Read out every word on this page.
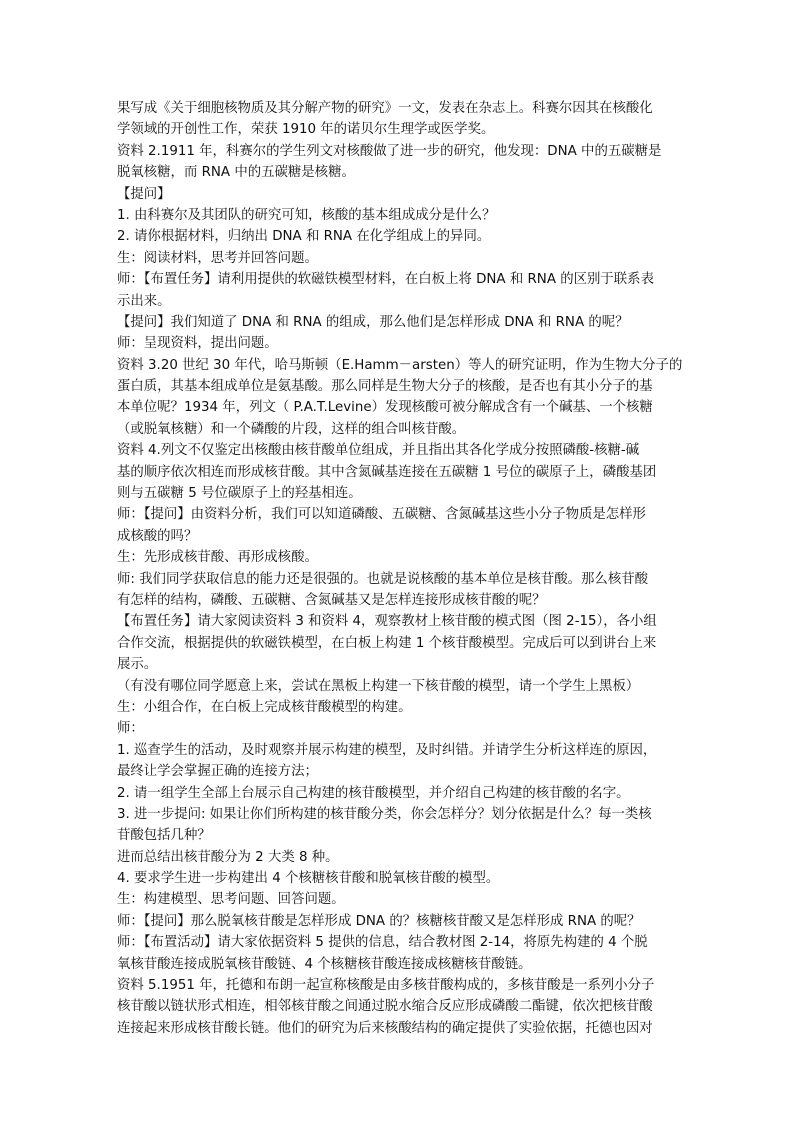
果写成《关于细胞核物质及其分解产物的研究》一文，发表在杂志上。科赛尔因其在核酸化
学领域的开创性工作，荣获 1910 年的诺贝尔生理学或医学奖。
资料 2.1911 年，科赛尔的学生列文对核酸做了进一步的研究，他发现：DNA 中的五碳糖是
脱氧核糖，而 RNA 中的五碳糖是核糖。
【提问】
1. 由科赛尔及其团队的研究可知，核酸的基本组成成分是什么？
2. 请你根据材料，归纳出 DNA 和 RNA 在化学组成上的异同。
生：阅读材料，思考并回答问题。
师：【布置任务】请利用提供的软磁铁模型材料，在白板上将 DNA 和 RNA 的区别于联系表
示出来。
【提问】我们知道了 DNA 和 RNA 的组成，那么他们是怎样形成 DNA 和 RNA 的呢？
师：呈现资料，提出问题。
资料 3.20 世纪 30 年代，哈马斯顿（E.Hamm－arsten）等人的研究证明，作为生物大分子的
蛋白质，其基本组成单位是氨基酸。那么同样是生物大分子的核酸，是否也有其小分子的基
本单位呢？1934 年，列文（ P.A.T.Levine）发现核酸可被分解成含有一个碱基、一个核糖
（或脱氧核糖）和一个磷酸的片段，这样的组合叫核苷酸。
资料 4.列文不仅鉴定出核酸由核苷酸单位组成，并且指出其各化学成分按照磷酸-核糖-碱
基的顺序依次相连而形成核苷酸。其中含氮碱基连接在五碳糖 1 号位的碳原子上，磷酸基团
则与五碳糖 5 号位碳原子上的羟基相连。
师：【提问】由资料分析，我们可以知道磷酸、五碳糖、含氮碱基这些小分子物质是怎样形
成核酸的吗？
生：先形成核苷酸、再形成核酸。
师: 我们同学获取信息的能力还是很强的。也就是说核酸的基本单位是核苷酸。那么核苷酸
有怎样的结构，磷酸、五碳糖、含氮碱基又是怎样连接形成核苷酸的呢？
【布置任务】请大家阅读资料 3 和资料 4，观察教材上核苷酸的模式图（图 2-15），各小组
合作交流，根据提供的软磁铁模型，在白板上构建 1 个核苷酸模型。完成后可以到讲台上来
展示。
（有没有哪位同学愿意上来，尝试在黑板上构建一下核苷酸的模型，请一个学生上黑板）
生：小组合作，在白板上完成核苷酸模型的构建。
师：
1. 巡查学生的活动，及时观察并展示构建的模型，及时纠错。并请学生分析这样连的原因，
最终让学会掌握正确的连接方法；
2. 请一组学生全部上台展示自己构建的核苷酸模型，并介绍自己构建的核苷酸的名字。
3. 进一步提问: 如果让你们所构建的核苷酸分类，你会怎样分？划分依据是什么？每一类核
苷酸包括几种？
进而总结出核苷酸分为 2 大类 8 种。
4. 要求学生进一步构建出 4 个核糖核苷酸和脱氧核苷酸的模型。
生：构建模型、思考问题、回答问题。
师：【提问】那么脱氧核苷酸是怎样形成 DNA 的？核糖核苷酸又是怎样形成 RNA 的呢？
师：【布置活动】请大家依据资料 5 提供的信息，结合教材图 2-14，将原先构建的 4 个脱
氧核苷酸连接成脱氧核苷酸链、4 个核糖核苷酸连接成核糖核苷酸链。
资料 5.1951 年，托德和布朗一起宣称核酸是由多核苷酸构成的，多核苷酸是一系列小分子
核苷酸以链状形式相连，相邻核苷酸之间通过脱水缩合反应形成磷酸二酯键，依次把核苷酸
连接起来形成核苷酸长链。他们的研究为后来核酸结构的确定提供了实验依据，托德也因对
